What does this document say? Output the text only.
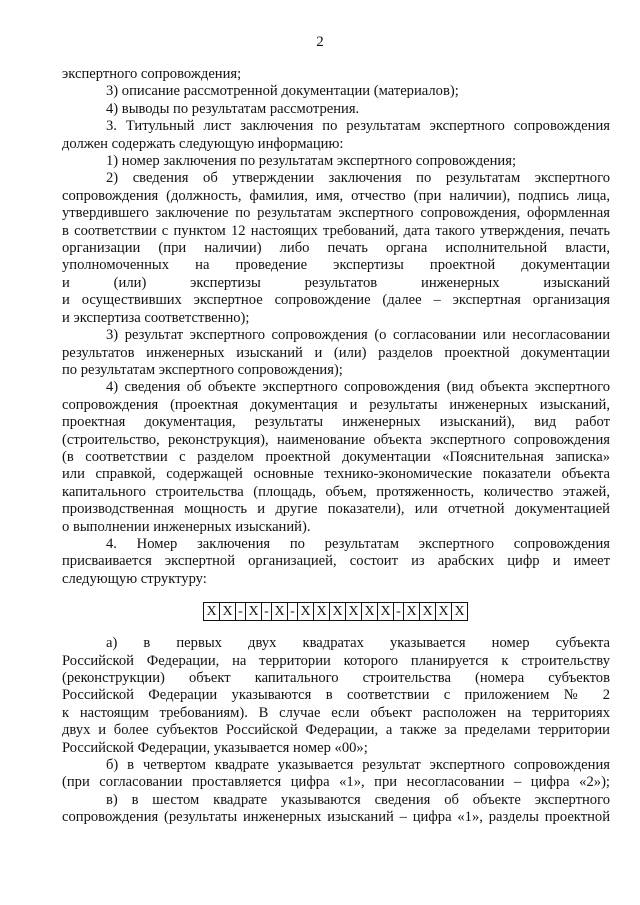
2

экспертного сопровождения;

3) описание рассмотренной документации (материалов);

4) выводы по результатам рассмотрения.

3. Титульный лист заключения по результатам экспертного сопровождения

должен содержать следующую информацию:

1) номер заключения по результатам экспертного сопровождения;

2) сведения об утверждении заключения по результатам экспертного

сопровождения (должность, фамилия, имя, отчество (при наличии), подпись лица,

утвердившего заключение по результатам экспертного сопровождения, оформленная

в соответствии с пунктом 12 настоящих требований, дата такого утверждения, печать

организации (при наличии) либо печать органа исполнительной власти,

уполномоченных на проведение экспертизы проектной документации

и (или) экспертизы результатов инженерных изысканий

и осуществивших экспертное сопровождение (далее – экспертная организация

и экспертиза соответственно);

3) результат экспертного сопровождения (о согласовании или несогласовании

результатов инженерных изысканий и (или) разделов проектной документации

по результатам экспертного сопровождения);

4) сведения об объекте экспертного сопровождения (вид объекта экспертного

сопровождения (проектная документация и результаты инженерных изысканий,

проектная документация, результаты инженерных изысканий), вид работ

(строительство, реконструкция), наименование объекта экспертного сопровождения

(в соответствии с разделом проектной документации «Пояснительная записка»

или справкой, содержащей основные технико-экономические показатели объекта

капитального строительства (площадь, объем, протяженность, количество этажей,

производственная мощность и другие показатели), или отчетной документацией

о выполнении инженерных изысканий).

4. Номер заключения по результатам экспертного сопровождения

присваивается экспертной организацией, состоит из арабских цифр и имеет

следующую структуру:

X X - X - X - X X X X X X - X X X X

а) в первых двух квадратах указывается номер субъекта

Российской Федерации, на территории которого планируется к строительству

(реконструкции) объект капитального строительства (номера субъектов

Российской Федерации указываются в соответствии с приложением № 2

к настоящим требованиям). В случае если объект расположен на территориях

двух и более субъектов Российской Федерации, а также за пределами территории

Российской Федерации, указывается номер «00»;

б) в четвертом квадрате указывается результат экспертного сопровождения

(при согласовании проставляется цифра «1», при несогласовании – цифра «2»);

в) в шестом квадрате указываются сведения об объекте экспертного

сопровождения (результаты инженерных изысканий – цифра «1», разделы проектной
